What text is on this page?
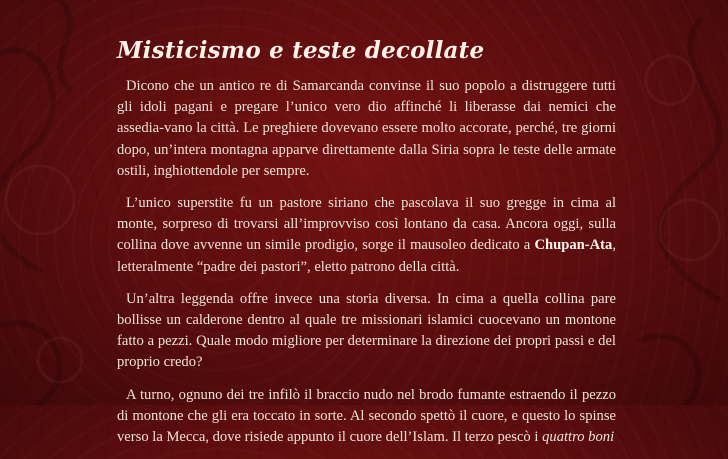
Misticismo e teste decollate

Dicono che un antico re di Samarcanda convinse il suo popolo a distruggere tutti gli idoli pagani e pregare l’unico vero dio affinché li liberasse dai nemici che assedia-vano la città. Le preghiere dovevano essere molto accorate, perché, tre giorni dopo, un’intera montagna apparve direttamente dalla Siria sopra le teste delle armate ostili, inghiottendole per sempre.

L’unico superstite fu un pastore siriano che pascolava il suo gregge in cima al monte, sorpreso di trovarsi all’improvviso così lontano da casa. Ancora oggi, sulla collina dove avvenne un simile prodigio, sorge il mausoleo dedicato a Chupan-Ata, letteralmente “padre dei pastori”, eletto patrono della città.

Un’altra leggenda offre invece una storia diversa. In cima a quella collina pare bollisse un calderone dentro al quale tre missionari islamici cuocevano un montone fatto a pezzi. Quale modo migliore per determinare la direzione dei propri passi e del proprio credo?

A turno, ognuno dei tre infilò il braccio nudo nel brodo fumante estraendo il pezzo di montone che gli era toccato in sorte. Al secondo spettò il cuore, e questo lo spinse verso la Mecca, dove risiede appunto il cuore dell’Islam. Il terzo pescò i quattro boni
